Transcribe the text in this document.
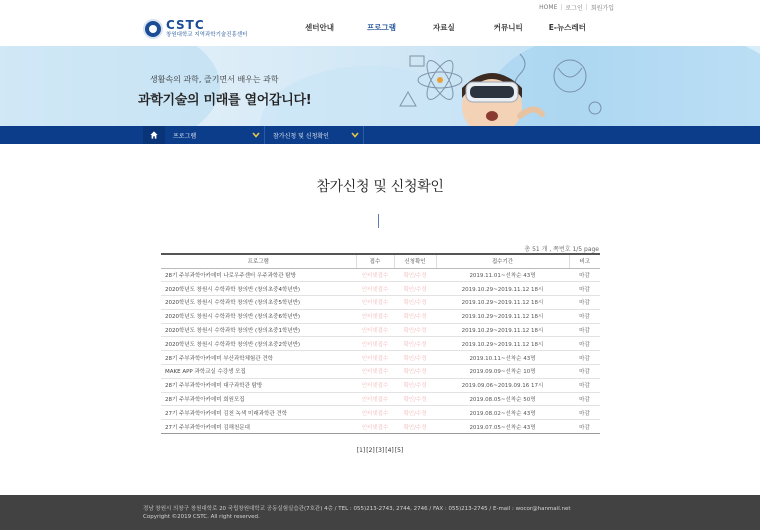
HOME | 로그인 | 회원가입
CSTC
창원대학교 지역과학기술진흥센터
센터안내	프로그램	자료실	커뮤니티	E-뉴스레터
생활속의 과학, 즐기면서 배우는 과학
과학기술의 미래를 열어갑니다!
프로그램	참가신청 및 신청확인
참가신청 및 신청확인
총 51 개 , 쪽번호 1/5 page
프로그램	접수	신청확인	접수기간	비고
28기 주부과학아카데미 나로우주센터 우주과학관 탐방	인터넷접수	확인/수정	2019.11.01~선착순 43명	마감
2020학년도 창원시 수학과학 창의반 (창의초중4학년반)	인터넷접수	확인/수정	2019.10.29~2019.11.12 18시	마감
2020학년도 창원시 수학과학 창의반 (창의초중5학년반)	인터넷접수	확인/수정	2019.10.29~2019.11.12 18시	마감
2020학년도 창원시 수학과학 창의반 (창의초중6학년반)	인터넷접수	확인/수정	2019.10.29~2019.11.12 18시	마감
2020학년도 창원시 수학과학 창의반 (창의초중1학년반)	인터넷접수	확인/수정	2019.10.29~2019.11.12 18시	마감
2020학년도 창원시 수학과학 창의반 (창의초중2학년반)	인터넷접수	확인/수정	2019.10.29~2019.11.12 18시	마감
28기 주부과학아카데미 부산과학체험관 견학	인터넷접수	확인/수정	2019.10.11~선착순 43명	마감
MAKE APP 과학교실 수강생 모집	인터넷접수	확인/수정	2019.09.09~선착순 10명	마감
28기 주부과학아카데미 대구과학관 탐방	인터넷접수	확인/수정	2019.09.06~2019.09.16 17시	마감
28기 주부과학아카데미 회원모집	인터넷접수	확인/수정	2019.08.05~선착순 50명	마감
27기 주부과학아카데미 김천 녹색 미래과학관 견학	인터넷접수	확인/수정	2019.08.02~선착순 43명	마감
27기 주부과학아카데미 김해천문대	인터넷접수	확인/수정	2019.07.05~선착순 43명	마감
[1][2][3][4][5]
경남 창원시 의창구 창원대학로 20 국립창원대학교 공동실험실습관(7호관) 4층 / TEL : 055)213-2743, 2744, 2746 / FAX : 055)213-2745 / E-mail : wocor@hanmail.net
Copyright ©2019 CSTC. All right reserved.
